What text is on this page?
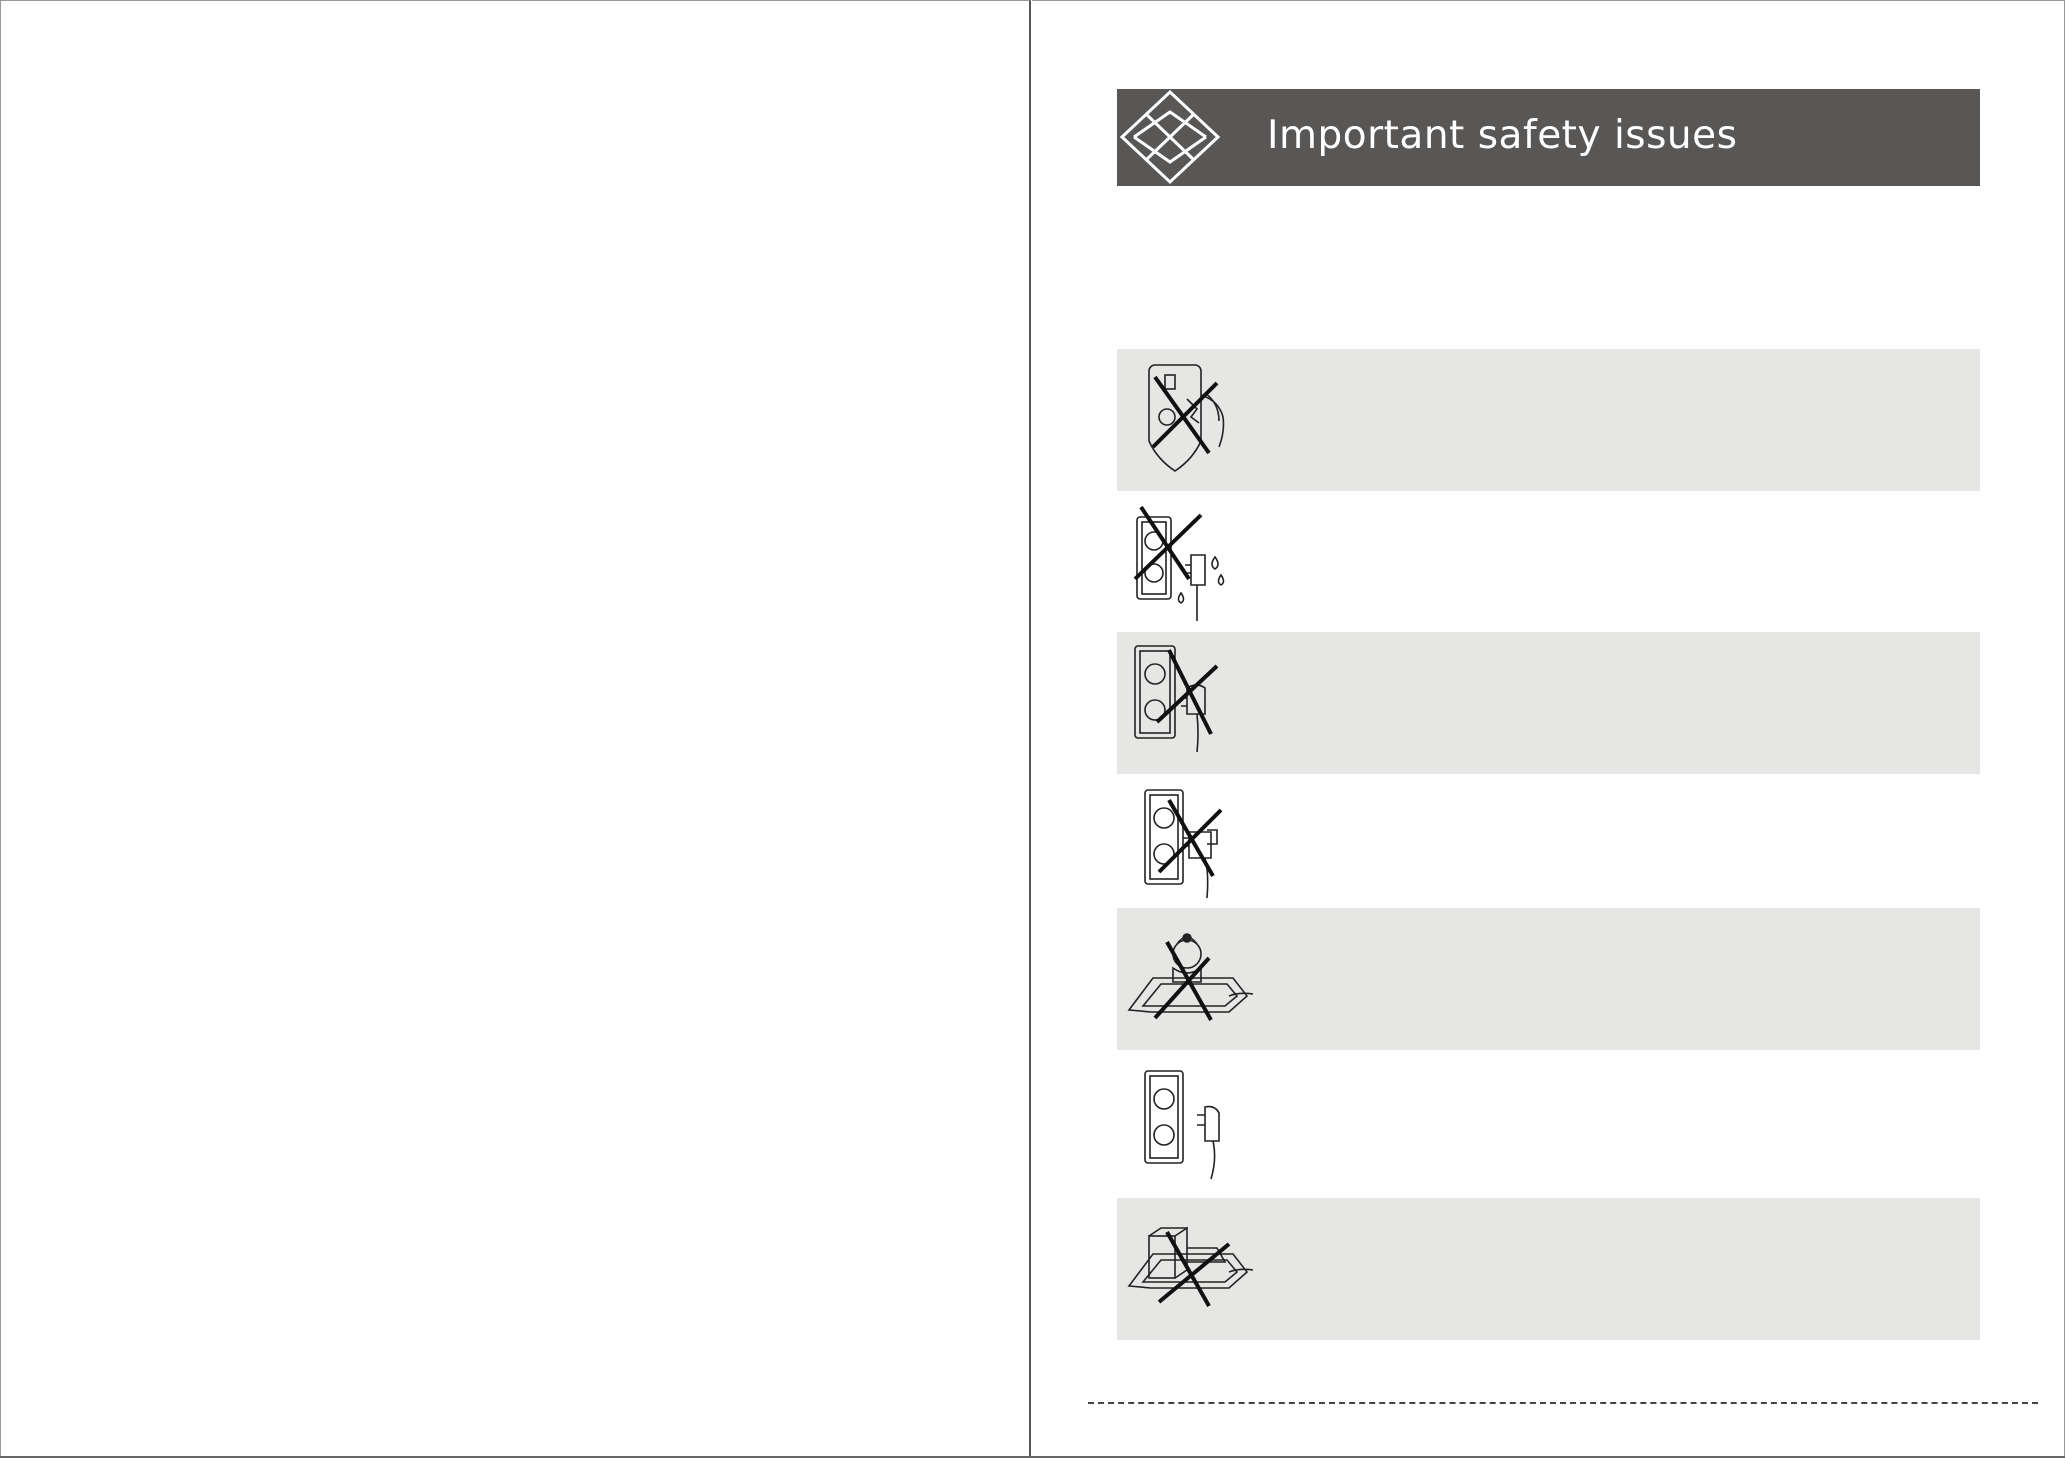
Important safety issues
